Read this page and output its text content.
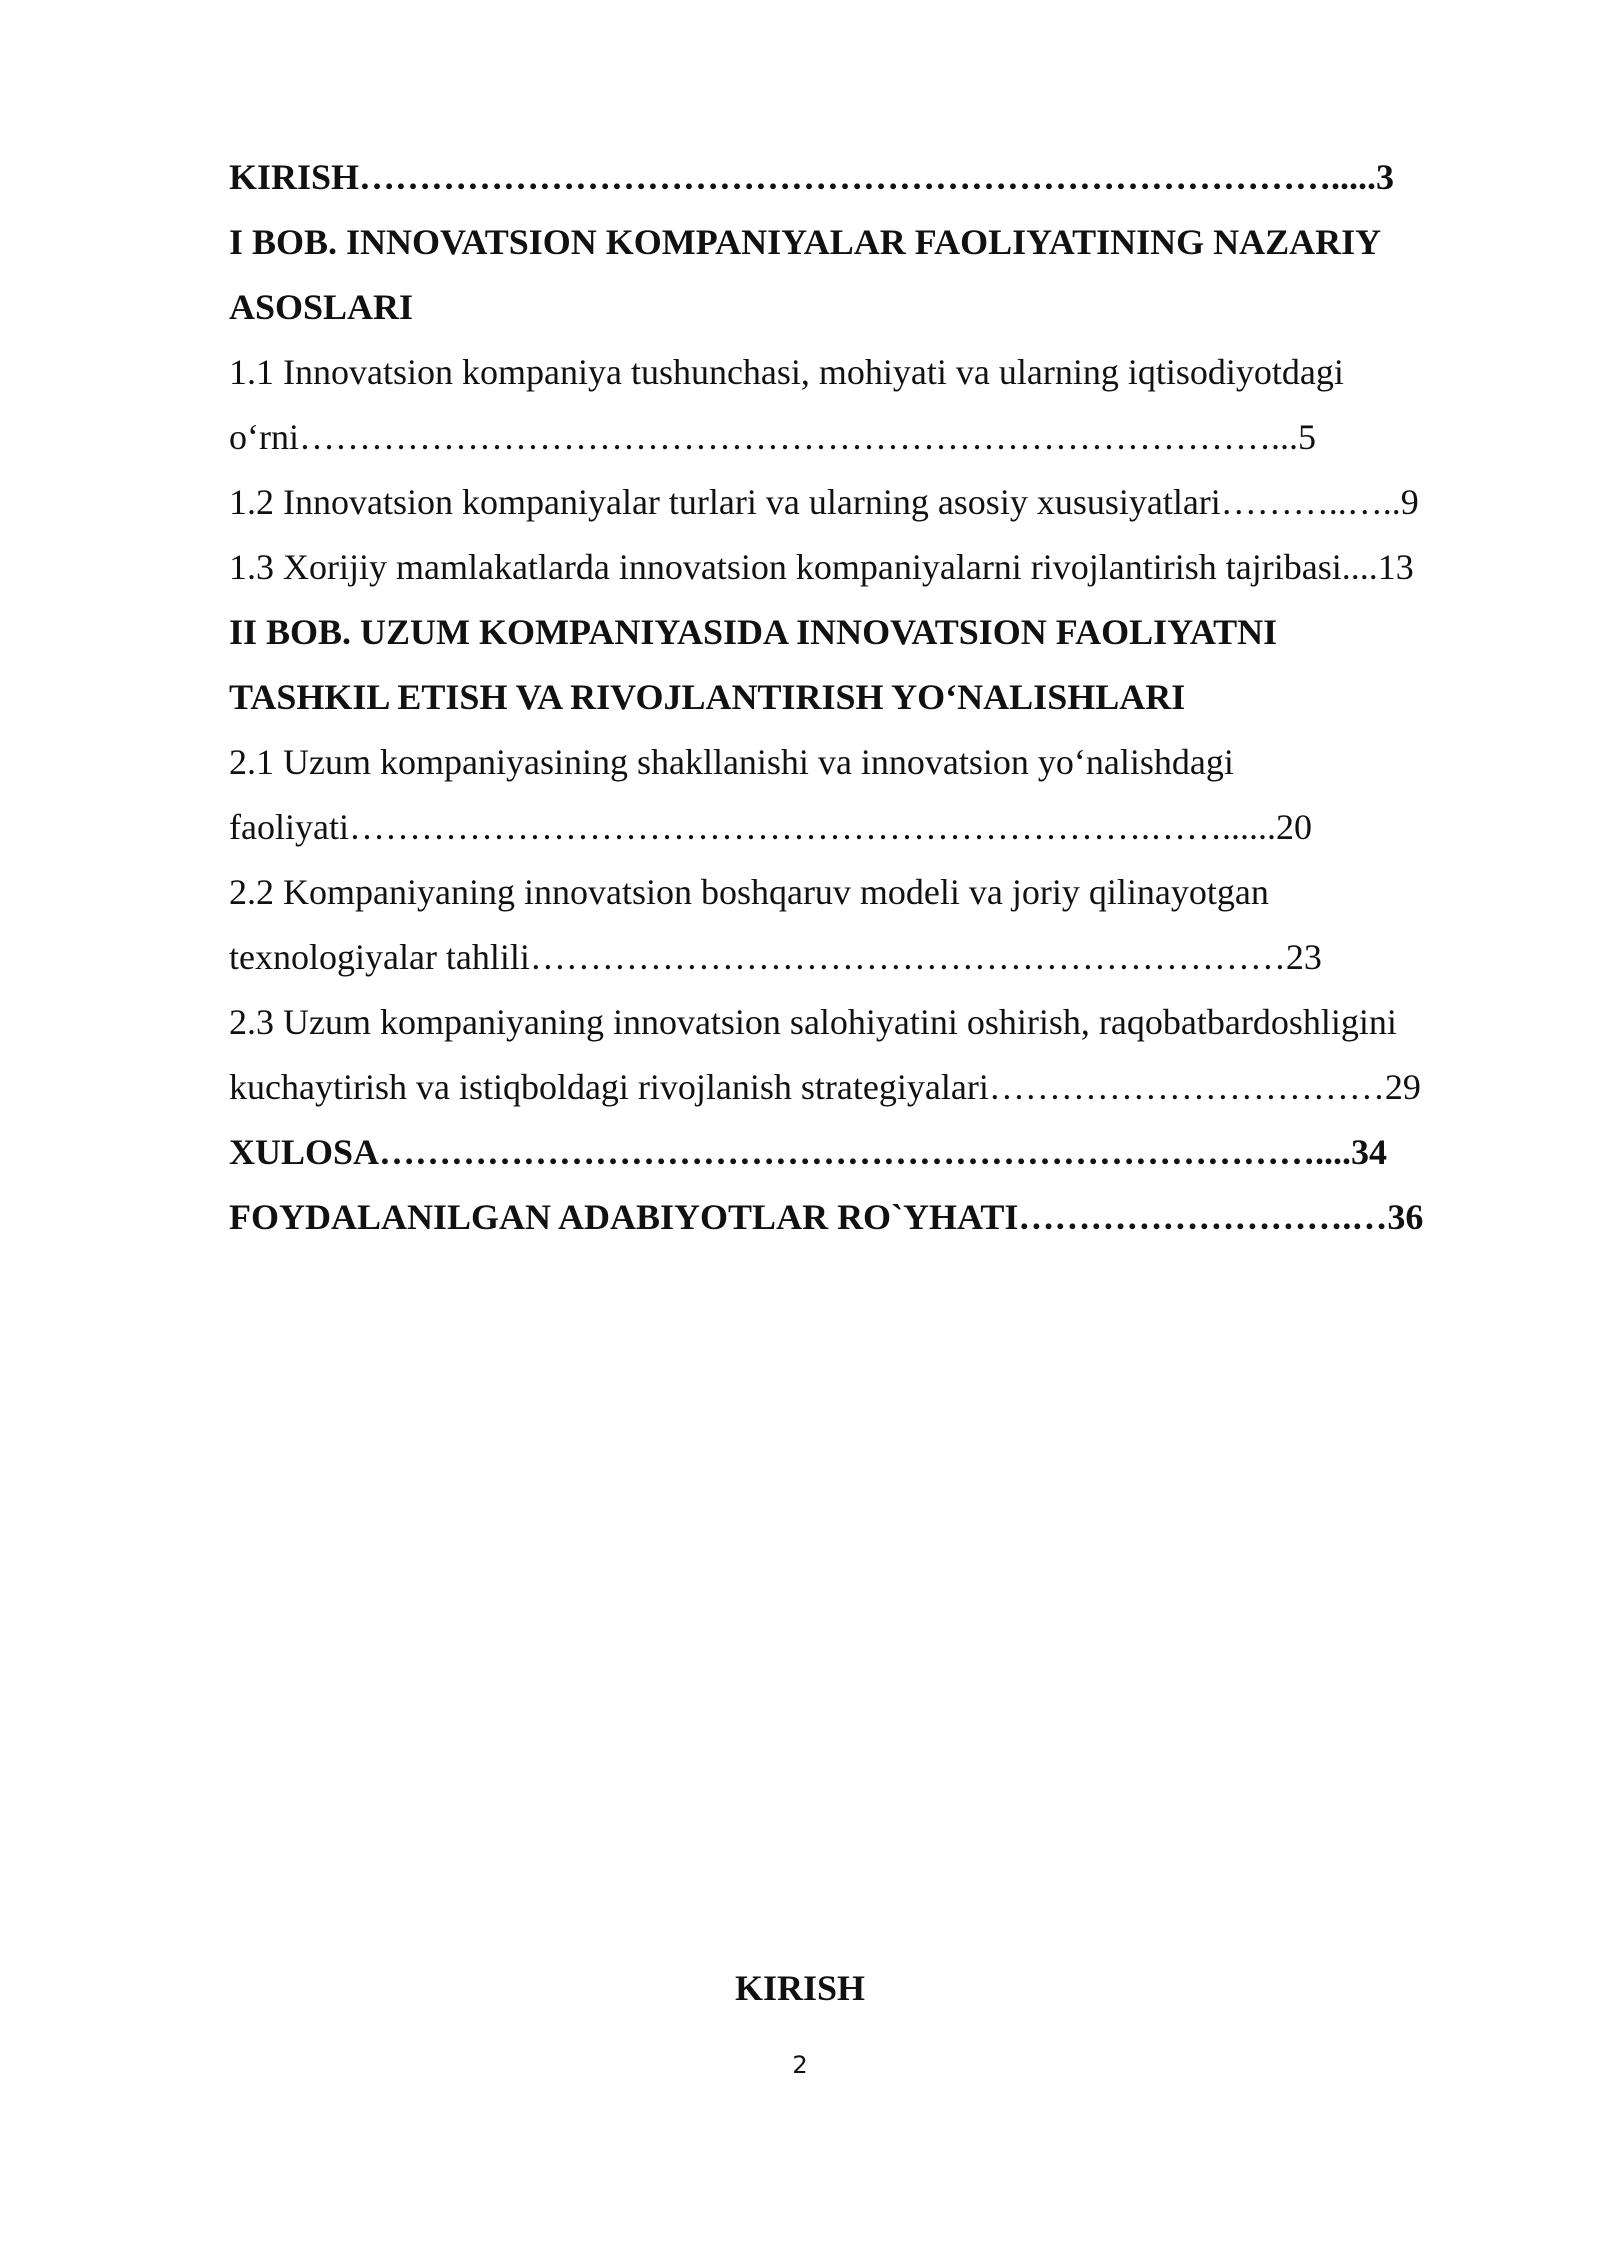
KIRISH……………………………………………………………………….....3
I BOB. INNOVATSION KOMPANIYALAR FAOLIYATINING NAZARIY
ASOSLARI
1.1 Innovatsion kompaniya tushunchasi, mohiyati va ularning iqtisodiyotdagi
o‘rni………………………………………………………………………...5
1.2 Innovatsion kompaniyalar turlari va ularning asosiy xususiyatlari………..…..9
1.3 Xorijiy mamlakatlarda innovatsion kompaniyalarni rivojlantirish tajribasi....13
II BOB. UZUM KOMPANIYASIDA INNOVATSION FAOLIYATNI
TASHKIL ETISH VA RIVOJLANTIRISH YO‘NALISHLARI
2.1 Uzum kompaniyasining shakllanishi va innovatsion yo‘nalishdagi
faoliyati………………………………………………………….……......20
2.2 Kompaniyaning innovatsion boshqaruv modeli va joriy qilinayotgan
texnologiyalar tahlili………………………………………………………23
2.3 Uzum kompaniyaning innovatsion salohiyatini oshirish, raqobatbardoshligini
kuchaytirish va istiqboldagi rivojlanish strategiyalari……………………………29
XULOSA……………………………………………………………………....34
FOYDALANILGAN ADABIYOTLAR RO`YHATI……………………….…36
KIRISH
2
